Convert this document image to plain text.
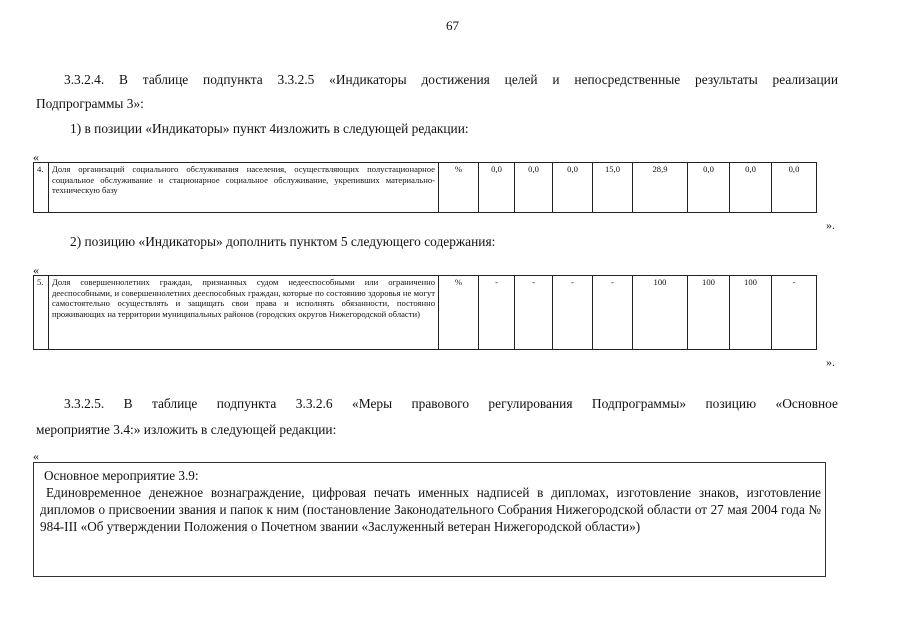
67
3.3.2.4. В таблице подпункта 3.3.2.5 «Индикаторы достижения целей и непосредственные результаты реализации
Подпрограммы 3»:
1) в позиции «Индикаторы» пункт 4изложить в следующей редакции:
«
4.	Доля организаций социального обслуживания населения, осуществляющих полустационарное социальное обслуживание и стационарное социальное обслуживание, укрепивших материально-техническую базу	%	0,0	0,0	0,0	15,0	28,9	0,0	0,0	0,0
».
2) позицию «Индикаторы» дополнить пунктом 5 следующего содержания:
«
5.	Доля совершеннолетних граждан, признанных судом недееспособными или ограниченно дееспособными, и совершеннолетних дееспособных граждан, которые по состоянию здоровья не могут самостоятельно осуществлять и защищать свои права и исполнять обязанности, постоянно проживающих на территории муниципальных районов (городских округов Нижегородской области)	%	-	-	-	-	100	100	100	-
».
3.3.2.5. В таблице подпункта 3.3.2.6 «Меры правового регулирования Подпрограммы» позицию «Основное
мероприятие 3.4:» изложить в следующей редакции:
«
Основное мероприятие 3.9:
Единовременное денежное вознаграждение, цифровая печать именных надписей в дипломах, изготовление знаков, изготовление дипломов о присвоении звания и папок к ним (постановление Законодательного Собрания Нижегородской области от 27 мая 2004 года № 984-III «Об утверждении Положения о Почетном звании «Заслуженный ветеран Нижегородской области»)
